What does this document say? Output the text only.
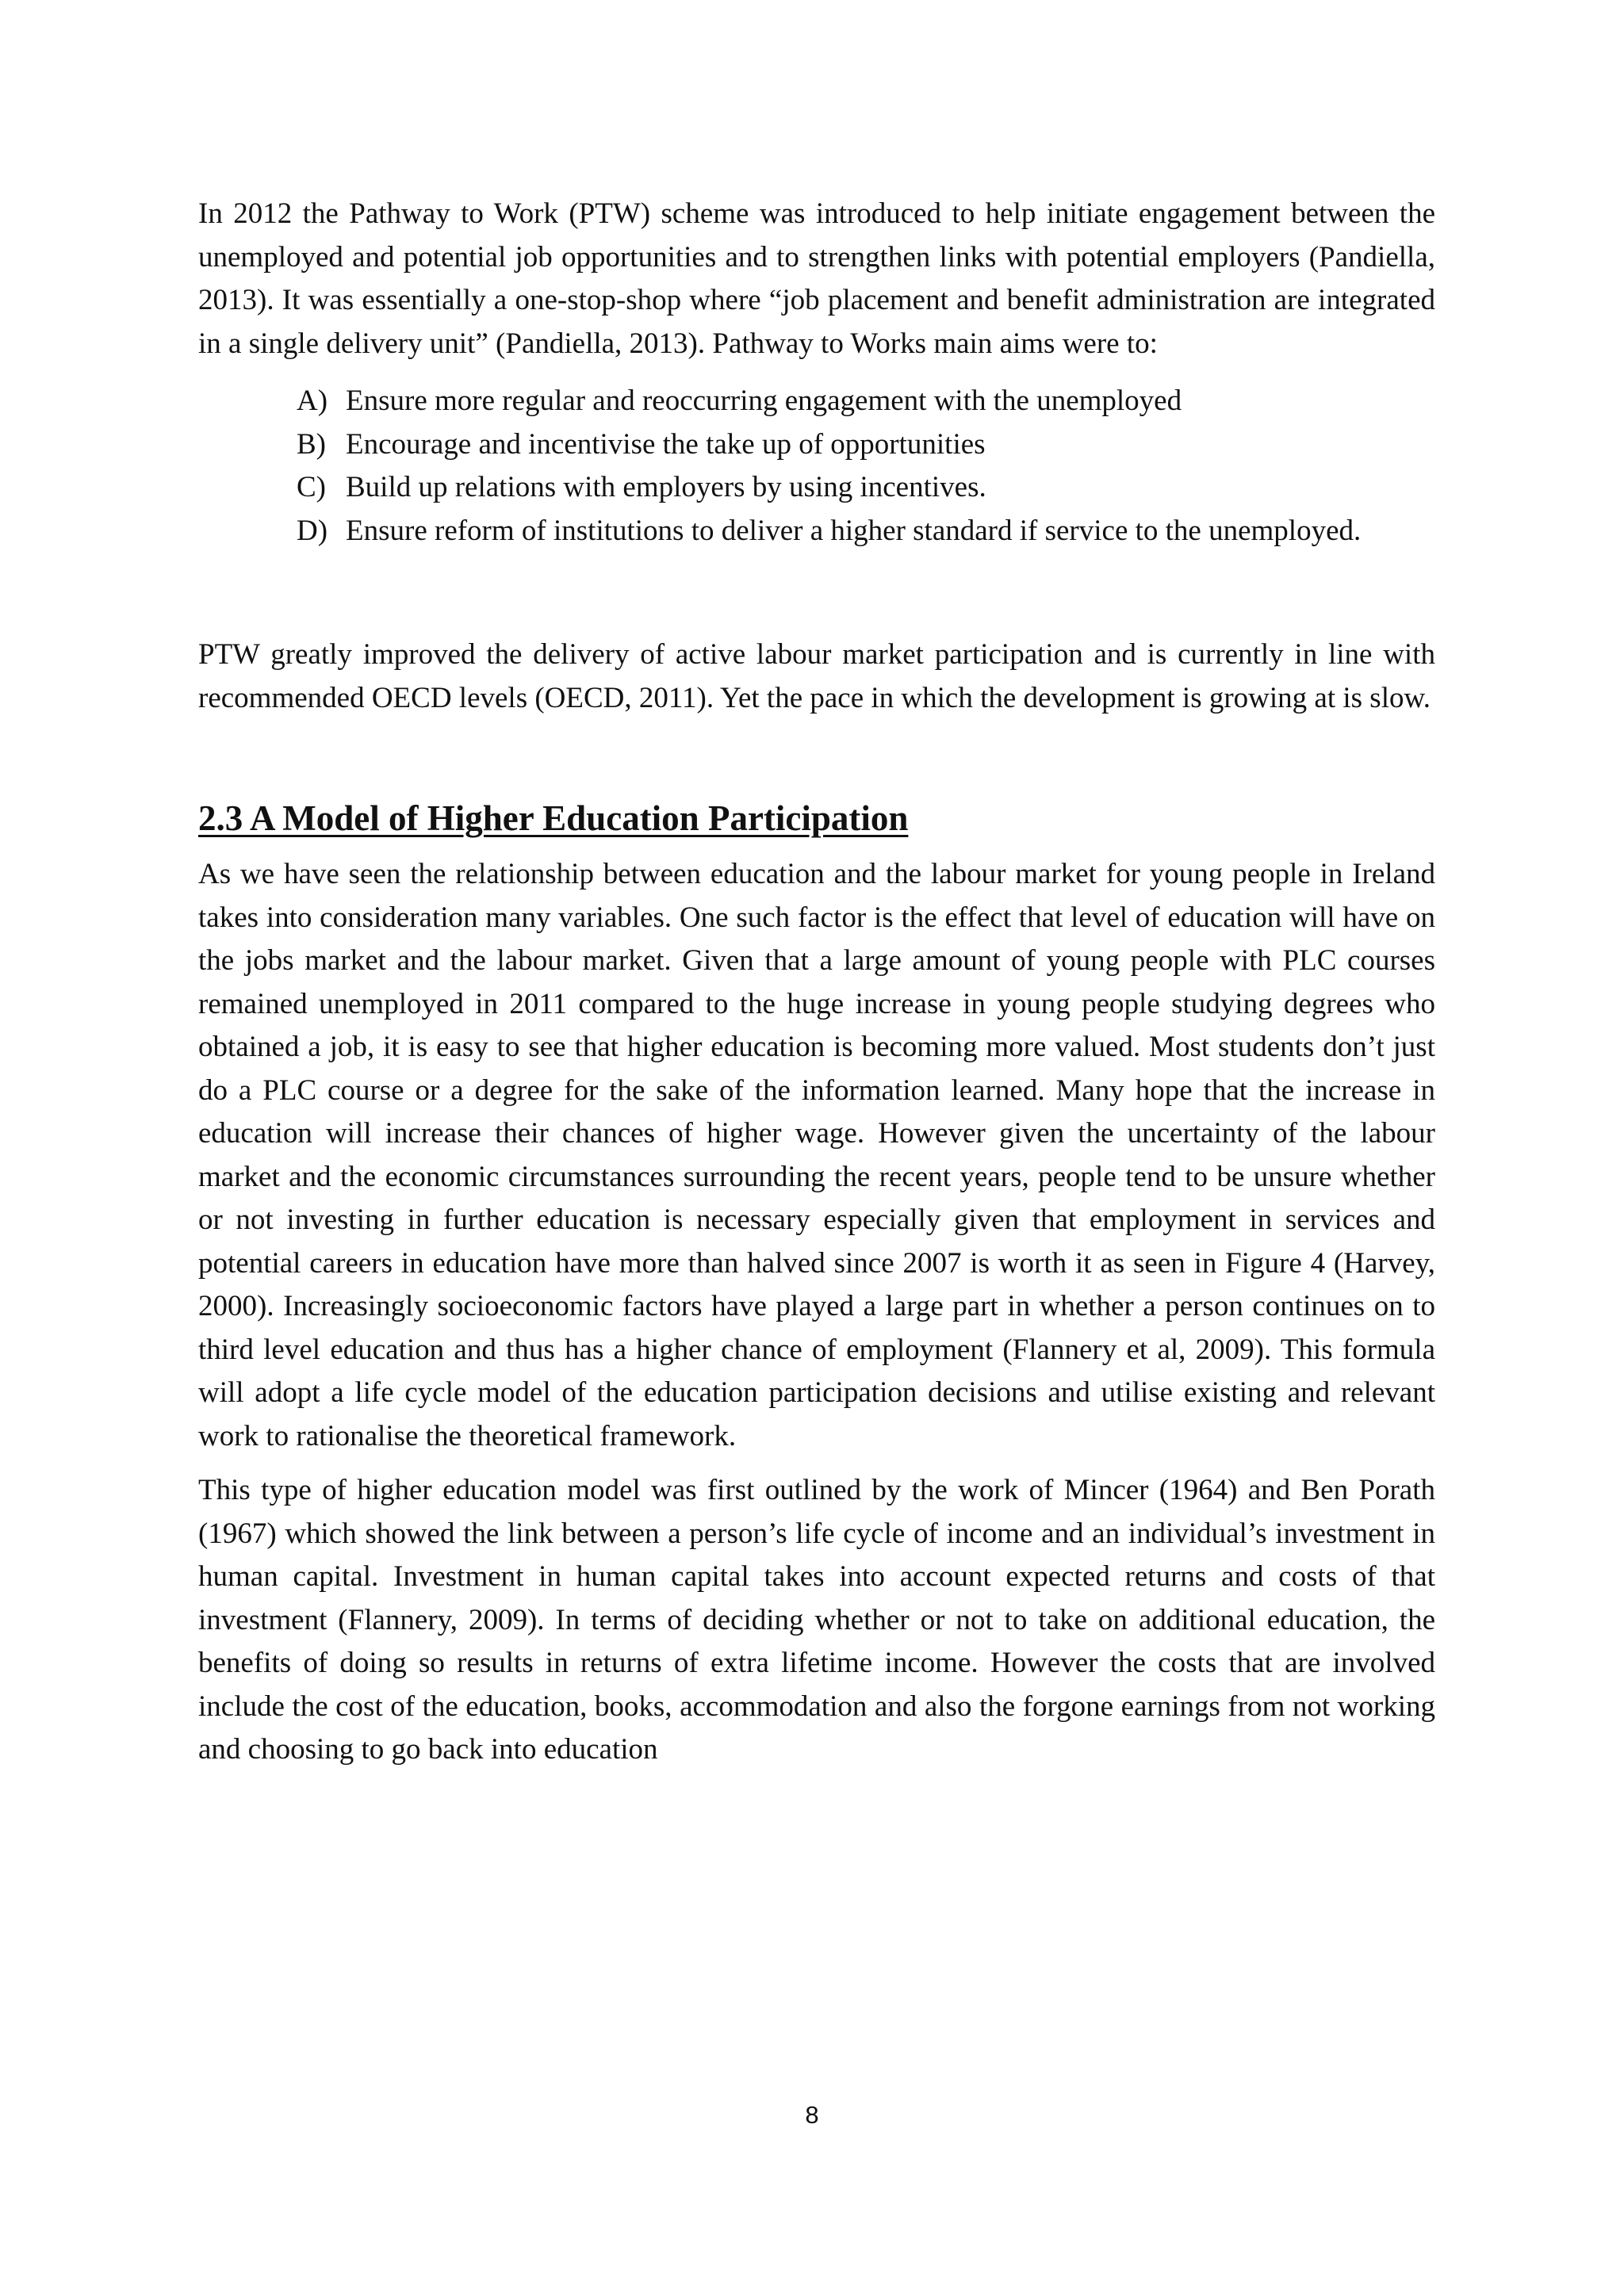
In 2012 the Pathway to Work (PTW) scheme was introduced to help initiate engagement between the unemployed and potential job opportunities and to strengthen links with potential employers (Pandiella, 2013). It was essentially a one-stop-shop where “job placement and benefit administration are integrated in a single delivery unit” (Pandiella, 2013). Pathway to Works main aims were to:

A) Ensure more regular and reoccurring engagement with the unemployed
B) Encourage and incentivise the take up of opportunities
C) Build up relations with employers by using incentives.
D) Ensure reform of institutions to deliver a higher standard if service to the unemployed.

PTW greatly improved the delivery of active labour market participation and is currently in line with recommended OECD levels (OECD, 2011). Yet the pace in which the development is growing at is slow.

2.3 A Model of Higher Education Participation

As we have seen the relationship between education and the labour market for young people in Ireland takes into consideration many variables. One such factor is the effect that level of education will have on the jobs market and the labour market. Given that a large amount of young people with PLC courses remained unemployed in 2011 compared to the huge increase in young people studying degrees who obtained a job, it is easy to see that higher education is becoming more valued. Most students don’t just do a PLC course or a degree for the sake of the information learned. Many hope that the increase in education will increase their chances of higher wage. However given the uncertainty of the labour market and the economic circumstances surrounding the recent years, people tend to be unsure whether or not investing in further education is necessary especially given that employment in services and potential careers in education have more than halved since 2007 is worth it as seen in Figure 4 (Harvey, 2000). Increasingly socioeconomic factors have played a large part in whether a person continues on to third level education and thus has a higher chance of employment (Flannery et al, 2009). This formula will adopt a life cycle model of the education participation decisions and utilise existing and relevant work to rationalise the theoretical framework.

This type of higher education model was first outlined by the work of Mincer (1964) and Ben Porath (1967) which showed the link between a person’s life cycle of income and an individual’s investment in human capital. Investment in human capital takes into account expected returns and costs of that investment (Flannery, 2009). In terms of deciding whether or not to take on additional education, the benefits of doing so results in returns of extra lifetime income. However the costs that are involved include the cost of the education, books, accommodation and also the forgone earnings from not working and choosing to go back into education

8
